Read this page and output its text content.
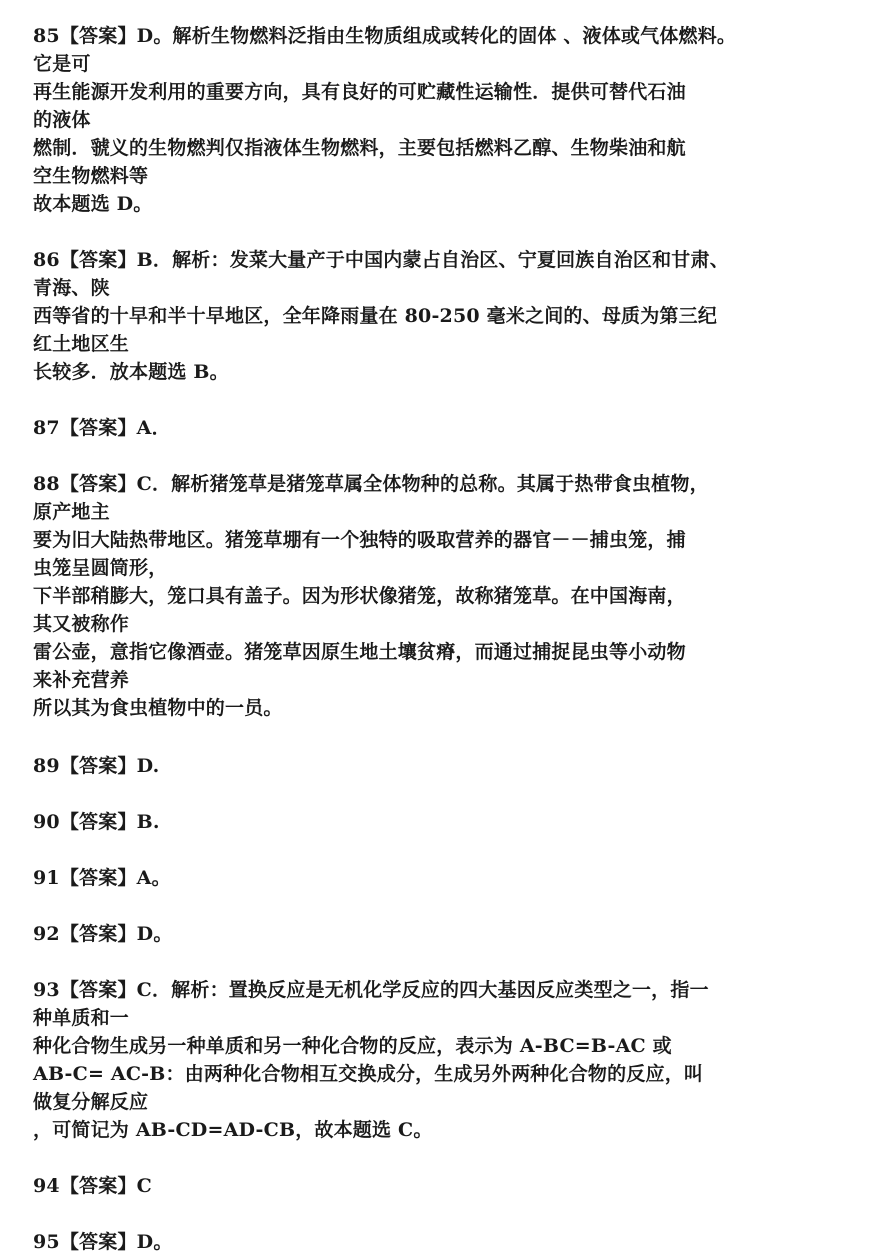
85【答案】D。解析生物燃料泛指由生物质组成或转化的固体 、液体或气体燃料。
它是可
再生能源开发利用的重要方向，具有良好的可贮藏性运输性．提供可替代石油
的液体
燃制．虢义的生物燃判仅指液体生物燃料，主要包括燃料乙醇、生物柴油和航
空生物燃料等
故本题选 D。
86【答案】B．解析：发菜大量产于中国内蒙占自治区、宁夏回族自治区和甘肃、
青海、陕
西等省的十早和半十早地区，全年降雨量在 80-250 毫米之间的、母质为第三纪
红土地区生
长较多．放本题选 B。
87【答案】A．
88【答案】C．解析猪笼草是猪笼草属全体物种的总称。其属于热带食虫植物，
原产地主
要为旧大陆热带地区。猪笼草堋有一个独特的吸取营养的器官－－捕虫笼，捕
虫笼呈圆筒形，
下半部稍膨大，笼口具有盖子。因为形状像猪笼，故称猪笼草。在中国海南，
其又被称作
雷公壶，意指它像酒壶。猪笼草因原生地土壤贫瘠，而通过捕捉昆虫等小动物
来补充营养
所以其为食虫植物中的一员。
89【答案】D.
90【答案】B.
91【答案】A。
92【答案】D。
93【答案】C．解析：置换反应是无机化学反应的四大基因反应类型之一，指一
种单质和一
种化合物生成另一种单质和另一种化合物的反应，表示为 A-BC=B-AC 或
AB-C= AC-B：由两种化合物相互交换成分，生成另外两种化合物的反应，叫
做复分解反应
，可简记为 AB-CD=AD-CB，故本题选 C。
94【答案】C
95【答案】D。
